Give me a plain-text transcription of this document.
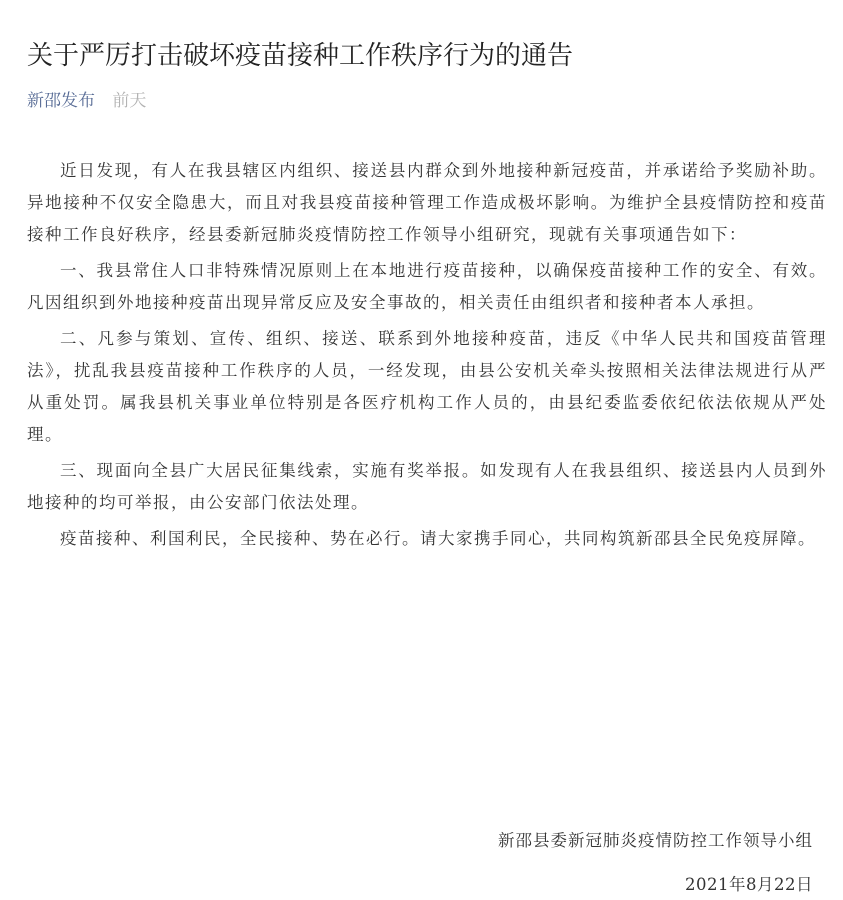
关于严厉打击破坏疫苗接种工作秩序行为的通告
新邵发布 前天

近日发现，有人在我县辖区内组织、接送县内群众到外地接种新冠疫苗，并承诺给予奖励补助。异地接种不仅安全隐患大，而且对我县疫苗接种管理工作造成极坏影响。为维护全县疫情防控和疫苗接种工作良好秩序，经县委新冠肺炎疫情防控工作领导小组研究，现就有关事项通告如下：

一、我县常住人口非特殊情况原则上在本地进行疫苗接种，以确保疫苗接种工作的安全、有效。凡因组织到外地接种疫苗出现异常反应及安全事故的，相关责任由组织者和接种者本人承担。

二、凡参与策划、宣传、组织、接送、联系到外地接种疫苗，违反《中华人民共和国疫苗管理法》，扰乱我县疫苗接种工作秩序的人员，一经发现，由县公安机关牵头按照相关法律法规进行从严从重处罚。属我县机关事业单位特别是各医疗机构工作人员的，由县纪委监委依纪依法依规从严处理。

三、现面向全县广大居民征集线索，实施有奖举报。如发现有人在我县组织、接送县内人员到外地接种的均可举报，由公安部门依法处理。

疫苗接种、利国利民，全民接种、势在必行。请大家携手同心，共同构筑新邵县全民免疫屏障。

新邵县委新冠肺炎疫情防控工作领导小组
2021年8月22日
